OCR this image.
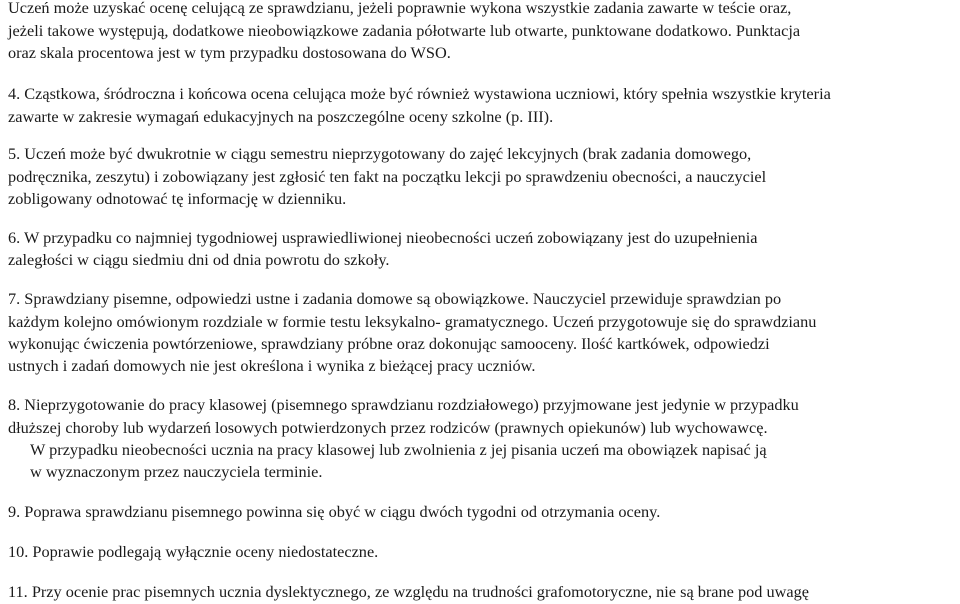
Uczeń może uzyskać ocenę celującą ze sprawdzianu, jeżeli poprawnie wykona wszystkie zadania zawarte w teście oraz,
jeżeli takowe występują, dodatkowe nieobowiązkowe zadania półotwarte lub otwarte, punktowane dodatkowo. Punktacja
oraz skala procentowa jest w tym przypadku dostosowana do WSO.
4. Cząstkowa, śródroczna i końcowa ocena celująca może być również wystawiona uczniowi, który spełnia wszystkie kryteria
zawarte w zakresie wymagań edukacyjnych na poszczególne oceny szkolne (p. III).
5. Uczeń może być dwukrotnie w ciągu semestru nieprzygotowany do zajęć lekcyjnych (brak zadania domowego,
podręcznika, zeszytu) i zobowiązany jest zgłosić ten fakt na początku lekcji po sprawdzeniu obecności, a nauczyciel
zobligowany odnotować tę informację w dzienniku.
6. W przypadku co najmniej tygodniowej usprawiedliwionej nieobecności uczeń zobowiązany jest do uzupełnienia
zaległości w ciągu siedmiu dni od dnia powrotu do szkoły.
7. Sprawdziany pisemne, odpowiedzi ustne i zadania domowe są obowiązkowe. Nauczyciel przewiduje sprawdzian po
każdym kolejno omówionym rozdziale w formie testu leksykalno- gramatycznego. Uczeń przygotowuje się do sprawdzianu
wykonując ćwiczenia powtórzeniowe, sprawdziany próbne oraz dokonując samooceny. Ilość kartkówek, odpowiedzi
ustnych i zadań domowych nie jest określona i wynika z bieżącej pracy uczniów.
8. Nieprzygotowanie do pracy klasowej (pisemnego sprawdzianu rozdziałowego) przyjmowane jest jedynie w przypadku
dłuższej choroby lub wydarzeń losowych potwierdzonych przez rodziców (prawnych opiekunów) lub wychowawcę.
W przypadku nieobecności ucznia na pracy klasowej lub zwolnienia z jej pisania uczeń ma obowiązek napisać ją
w wyznaczonym przez nauczyciela terminie.
9. Poprawa sprawdzianu pisemnego powinna się obyć w ciągu dwóch tygodni od otrzymania oceny.
10. Poprawie podlegają wyłącznie oceny niedostateczne.
11. Przy ocenie prac pisemnych ucznia dyslektycznego, ze względu na trudności grafomotoryczne, nie są brane pod uwagę
